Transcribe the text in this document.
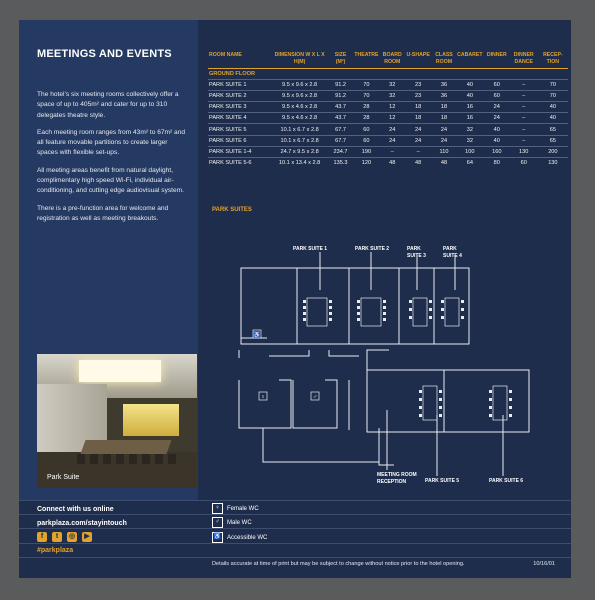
MEETINGS AND EVENTS

The hotel’s six meeting rooms collectively offer a space of up to 405m² and cater for up to 310 delegates theatre style.

Each meeting room ranges from 43m² to 67m² and all feature movable partitions to create larger spaces with flexible set-ups.

All meeting areas benefit from natural daylight, complimentary high speed Wi-Fi, individual air-conditioning, and cutting edge audiovisual system.

There is a pre-function area for welcome and registration as well as meeting breakouts.

Park Suite
ROOM NAME	DIMENSION W X L X H(M)	SIZE (M²)	THEATRE	BOARD ROOM	U-SHAPE	CLASS ROOM	CABARET	DINNER	DINNER DANCE	RECEP-TION
GROUND FLOOR										
PARK SUITE 1	9.5 x 9.6 x 2.8	91.2	70	32	23	36	40	60	–	70
PARK SUITE 2	9.5 x 9.6 x 2.8	91.2	70	32	23	36	40	60	–	70
PARK SUITE 3	9.5 x 4.6 x 2.8	43.7	28	12	18	18	16	24	–	40
PARK SUITE 4	9.5 x 4.6 x 2.8	43.7	28	12	18	18	16	24	–	40
PARK SUITE 5	10.1 x 6.7 x 2.8	67.7	60	24	24	24	32	40	–	65
PARK SUITE 6	10.1 x 6.7 x 2.8	67.7	60	24	24	24	32	40	–	65
PARK SUITE 1-4	24.7 x 9.5 x 2.8	234.7	190	–	–	110	100	160	130	200
PARK SUITE 5-6	10.1 x 13.4 x 2.8	135.3	120	48	48	48	64	80	60	130
PARK SUITES
♿
♀	♂
PARK SUITE 1	PARK SUITE 2	PARK
SUITE 3
PARK
SUITE 4
MEETING ROOM
RECEPTION	PARK SUITE 5	PARK SUITE 6
Connect with us online
parkplaza.com/stayintouch
f	t	◎	▶
#parkplaza
♀	Female WC
♂	Male WC
♿ Accessible WC
Details accurate at time of print but may be subject to change without notice prior to the hotel opening.	10/16/01
